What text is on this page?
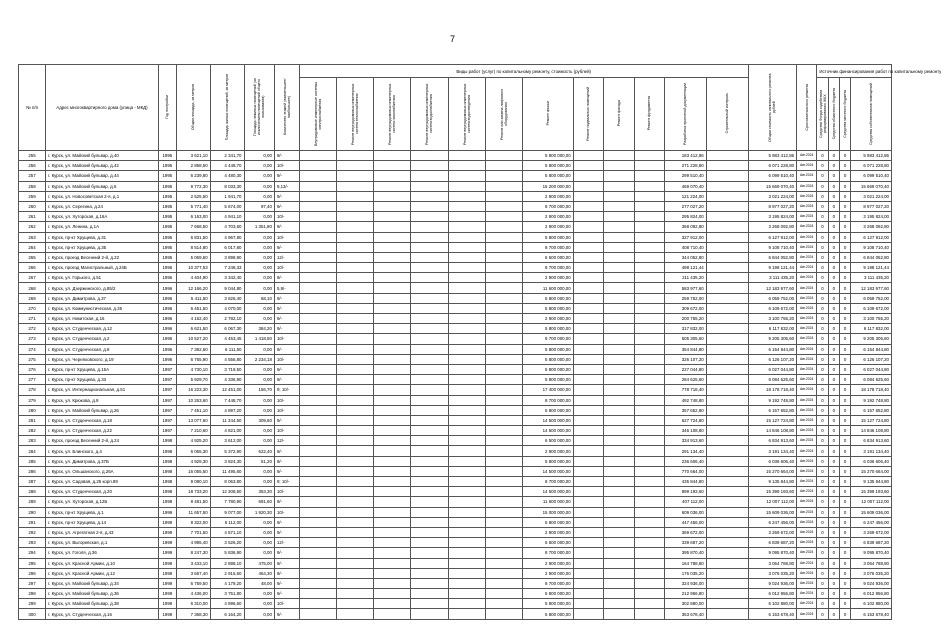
7
№ п/п	Адрес многоквартирного дома (улица - МКД)	Год постройки	Общая площадь, кв.метров	Площадь жилых помещений, кв.метров	Площадь нежилых помещений (за исключением помещений общего пользования)	Количество этажей (наименьшее/наибольшее)	Виды работ (услуг) по капитальному ремонту, стоимость (рублей)												Общая стоимость капитального ремонта, рублей	Срок капитального ремонта	Источник финансирования работ по капитальному ремонту			
							Внутридомовые инженерные системы электроснабжения	Ремонт внутридомовых инженерных систем теплоснабжения	Ремонт внутридомовых инженерных систем газоснабжения	Ремонт внутридомовых инженерных систем водоснабжения	Ремонт внутридомовых инженерных систем водоотведения	Ремонт или замена лифтового оборудования	Ремонт крыши	Ремонт подвальных помещений	Ремонт фасада	Ремонт фундамента	Разработка проектной документации	Строительный контроль			Средства Фонда содействия реформированию ЖКХ	Средства областного бюджета	Средства местного бюджета	Средства собственников помещений
255	г. Курск, ул. Майский бульвар, д.40	1995	3 621,10	2 341,70	0,00	9/-							5 800 000,00				183 412,86		5 983 412,86	Авг.2024	0	0	0	5 983 412,86
256	г. Курск, ул. Майский бульвар, д.42	1995	2 858,50	4 448,70	0,00	10/-							5 800 000,00				271 228,80		6 071 228,80	Авг.2024	0	0	0	6 071 228,80
257	г. Курск, ул. Майский бульвар, д.44	1995	6 239,80	4 480,30	0,00	9/-							5 800 000,00				299 510,40		6 099 510,40	Авг.2024	0	0	0	6 099 510,40
258	г. Курск, ул. Майский бульвар, д.6	1995	9 772,30	8 033,30	0,00	9,13/-							15 200 000,00				469 070,40		15 669 070,40	Авг.2024	0	0	0	15 669 070,40
259	г. Курск, ул. Новосоветская 2-я, д.1	1995	2 525,50	1 941,70	0,00	9/-							2 900 000,00				121 224,00		3 021 224,00	Авг.2024	0	0	0	3 021 224,00
260	г. Курск, ул. Серегина, д.24	1995	5 771,40	5 674,00	97,40	9/-							8 700 000,00				277 027,20		8 977 027,20	Авг.2024	0	0	0	8 977 027,20
261	г. Курск, ул. Хуторская, д.16А	1995	6 163,00	4 941,10	0,00	10/-							2 900 000,00				295 824,00		3 195 824,00	Авг.2024	0	0	0	3 195 824,00
262	г. Курск, ул. Ленина, д.1А	1995	7 668,50	4 703,60	1 351,80	9/-							2 900 000,00				368 092,80		3 268 092,80	Авг.2024	0	0	0	3 268 092,80
263	г. Курск, пр-кт Хрущева, д.31	1995	6 831,50	4 967,80	0,00	10/-							5 800 000,00				327 912,00		6 127 912,00	Авг.2024	0	0	0	6 127 912,00
264	г. Курск, пр-кт Хрущева, д.35	1995	8 514,80	6 017,80	0,00	9/-							8 700 000,00				408 710,40		9 108 710,40	Авг.2024	0	0	0	9 108 710,40
265	г. Курск, проезд Весенний 2-й, д.22	1995	5 069,60	3 898,90	0,00	12/-							6 500 000,00				344 052,80		6 844 052,80	Авг.2024	0	0	0	6 844 052,80
266	г. Курск, проезд Магистральный, д.24Б	1996	10 377,53	7 248,33	0,00	10/-							8 700 000,00				498 121,44		9 198 121,44	Авг.2024	0	0	0	9 198 121,44
267	г. Курск, ул. Горького, д.51	1996	4 404,90	3 342,40	0,00	9/-							2 900 000,00				211 435,20		3 111 435,20	Авг.2024	0	0	0	3 111 435,20
268	г. Курск, ул. Дзержинского, д.85/2	1996	12 166,20	9 044,80	0,00	5,9/-							11 600 000,00				583 977,60		12 183 977,60	Авг.2024	0	0	0	12 183 977,60
269	г. Курск, ул. Димитрова, д.37	1996	5 411,50	3 826,40	68,10	9/-							5 800 000,00				259 752,00		6 059 752,00	Авг.2024	0	0	0	6 059 752,00
270	г. Курск, ул. Коммунистическая, д.35	1996	6 451,50	4 070,00	0,00	9/-							5 800 000,00				309 672,00		6 109 672,00	Авг.2024	0	0	0	6 109 672,00
271	г. Курск, ул. Никитская, д.16	1996	4 162,40	2 782,10	0,00	9/-							2 900 000,00				200 755,20		3 100 755,20	Авг.2024	0	0	0	3 100 755,20
272	г. Курск, ул. Студенческая, д.12	1996	6 621,50	6 067,30	384,20	9/-							5 800 000,00				317 832,00		6 117 832,00	Авг.2024	0	0	0	6 117 832,00
273	г. Курск, ул. Студенческая, д.2	1996	10 527,20	4 453,45	1 418,50	10/-							8 700 000,00				505 305,60		9 205 305,60	Авг.2024	0	0	0	9 205 305,60
274	г. Курск, ул. Студенческая, д.8	1996	7 382,60	6 111,50	0,00	9/-							5 800 000,00				354 844,80		6 154 844,80	Авг.2024	0	0	0	6 154 844,80
275	г. Курск, ул. Черняховского, д.19	1996	6 765,90	4 556,80	2 234,18	10/-							5 800 000,00				326 107,20		6 126 107,20	Авг.2024	0	0	0	6 126 107,20
276	г. Курск, пр-кт Хрущева, д.15А	1997	4 730,10	3 719,50	0,00	9/-							5 800 000,00				227 044,80		6 027 044,80	Авг.2024	0	0	0	6 027 044,80
277	г. Курск, пр-кт Хрущева, д.33	1997	5 929,70	4 336,90	0,00	9/-							5 800 000,00				284 625,60		6 084 625,60	Авг.2024	0	0	0	6 084 625,60
278	г. Курск, ул. Интернациональная, д.51	1997	16 223,30	12 451,00	156,70	9; 10/-							17 400 000,00				778 718,40		18 178 718,40	Авг.2024	0	0	0	18 178 718,40
279	г. Курск, ул. Крюкова, д.9	1997	10 263,60	7 448,70	0,00	10/-							8 700 000,00				492 748,80		9 192 748,80	Авг.2024	0	0	0	9 192 748,80
280	г. Курск, ул. Майский бульвар, д.26	1997	7 451,10	4 897,20	0,00	10/-							5 800 000,00				357 652,80		6 157 652,80	Авг.2024	0	0	0	6 157 652,80
281	г. Курск, ул. Студенческая, д.18	1997	13 077,60	11 344,50	309,60	9/-							14 500 000,00				627 724,80		15 127 724,80	Авг.2024	0	0	0	15 127 724,80
282	г. Курск, ул. Студенческая, д.22	1997	7 210,60	4 821,00	0,00	10/-							14 500 000,00				346 108,80		14 846 108,80	Авг.2024	0	0	0	14 846 108,80
283	г. Курск, проезд Весенний 2-й, д.24	1998	4 925,20	3 612,00	0,00	12/-							6 500 000,00				334 913,60		6 834 913,60	Авг.2024	0	0	0	6 834 913,60
284	г. Курск, ул. Блинского, д.4	1998	6 065,30	5 372,90	622,40	9/-							2 900 000,00				291 134,40		3 191 134,40	Авг.2024	0	0	0	3 191 134,40
285	г. Курск, ул. Димитрова, д.37Б	1998	4 929,30	3 824,30	51,20	9/-							5 800 000,00				236 606,40		6 036 606,40	Авг.2024	0	0	0	6 036 606,40
286	г. Курск, ул. Ольшанского, д.26А	1998	16 055,50	11 495,60	0,00	9/-							14 500 000,00				770 664,00		15 270 664,00	Авг.2024	0	0	0	15 270 664,00
287	г. Курск, ул. Садовая, д.25 корп.89	1998	9 080,10	8 063,80	0,00	9; 10/-							8 700 000,00				435 844,80		9 135 844,80	Авг.2024	0	0	0	9 135 844,80
288	г. Курск, ул. Студенческая, д.20	1998	18 733,20	12 308,50	353,30	10/-							14 500 000,00				899 193,60		15 399 193,60	Авг.2024	0	0	0	15 399 193,60
289	г. Курск, ул. Хуторская, д.12Б	1998	8 481,50	7 780,90	691,60	9/-							11 600 000,00				407 112,00		12 007 112,00	Авг.2024	0	0	0	12 007 112,00
290	г. Курск, пр-кт Хрущева, д.1	1999	11 657,50	9 077,00	1 920,30	10/-							15 000 000,00				609 036,00		15 609 036,00	Авг.2024	0	0	0	15 609 036,00
291	г. Курск, пр-кт Хрущева, д.14	1999	9 322,00	6 112,00	0,00	9/-							5 800 000,00				447 456,00		6 247 456,00	Авг.2024	0	0	0	6 247 456,00
292	г. Курск, ул. Агрегатная 2-я, д.43	1999	7 701,50	4 571,10	0,00	9/-							2 900 000,00				369 672,00		3 269 672,00	Авг.2024	0	0	0	3 269 672,00
293	г. Курск, ул. Выгоревская, д.1	1999	4 995,40	3 526,20	0,00	12/-							6 500 000,00				339 687,20		6 839 687,20	Авг.2024	0	0	0	6 839 687,20
294	г. Курск, ул. Гоголя, д.36	1999	8 247,30	5 836,90	0,00	9/-							8 700 000,00				395 870,40		9 095 870,40	Авг.2024	0	0	0	9 095 870,40
295	г. Курск, ул. Красной Армии, д.10	1999	3 433,10	2 888,10	475,00	9/-							2 900 000,00				164 788,80		3 064 788,80	Авг.2024	0	0	0	3 064 788,80
296	г. Курск, ул. Красной Армии, д.12	1999	3 667,40	2 915,60	464,30	9/-							2 900 000,00				176 035,20		3 076 035,20	Авг.2024	0	0	0	3 076 035,20
297	г. Курск, ул. Майский бульвар, д.34	1999	6 759,50	4 179,20	48,00	9/-							8 700 000,00				324 936,00		9 024 936,00	Авг.2024	0	0	0	9 024 936,00
298	г. Курск, ул. Майский бульвар, д.36	1999	4 436,00	3 751,80	0,00	9/-							5 800 000,00				212 956,80		6 012 956,80	Авг.2024	0	0	0	6 012 956,80
299	г. Курск, ул. Майский бульвар, д.38	1999	6 310,00	4 896,60	0,00	10/-							5 800 000,00				302 880,00		6 102 880,00	Авг.2024	0	0	0	6 102 880,00
300	г. Курск, ул. Студенческая, д.16	1999	7 368,30	6 164,20	0,00	9/-							5 800 000,00				353 678,40		6 153 678,40	Авг.2024	0	0	0	6 153 678,40
